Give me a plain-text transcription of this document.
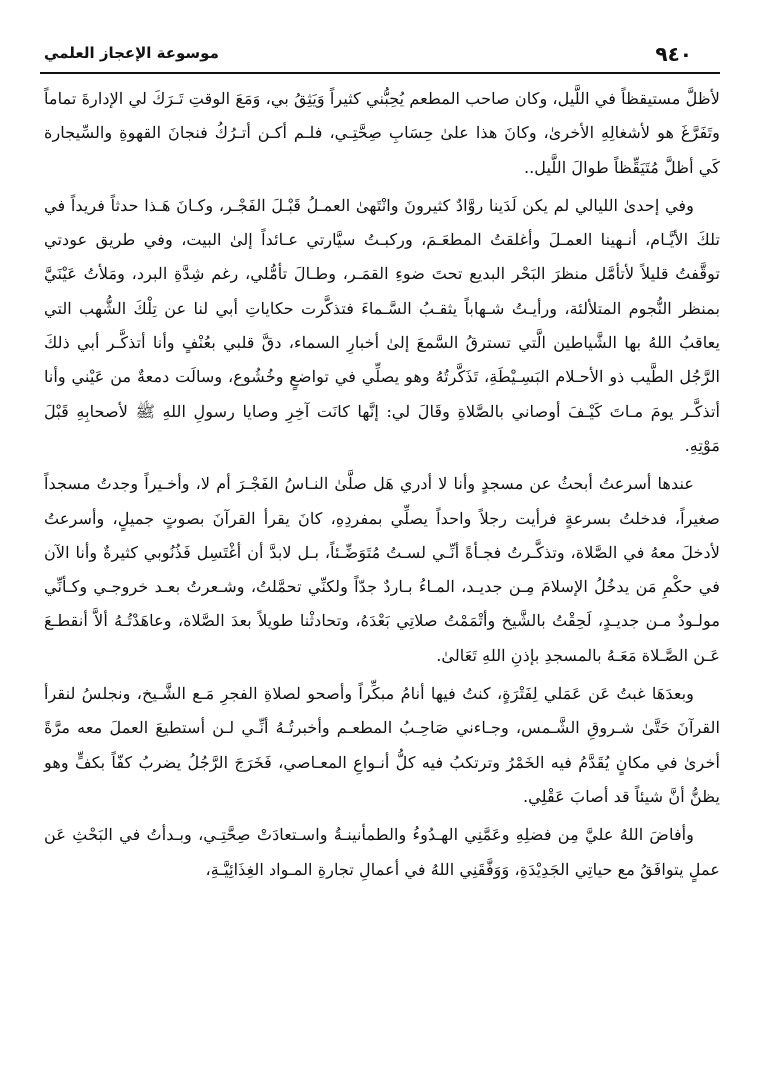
٩٤٠
موسوعة الإعجاز العلمي

لأظلَّ مستيقظاً في اللَّيل، وكان صاحب المطعم يُحِبُّني كثيراً وَيَثِقُ بي، وَمَعَ الوقتِ تَـرَكَ لي الإدارةَ تماماً وتَفَرَّغَ هو لأشغالِهِ الأخرىٰ، وكانَ هذا علىٰ حِسَابِ صِحَّتِـي، فلـم أكـن أتـرُكُ فنجانَ القهوةِ والسِّيجارة كَي أظلَّ مُتَيَقِّظاً طوالَ اللَّيل..

وفي إحدىٰ الليالي لم يكن لَدَينا روَّادٌ كثيرونَ وانْتَهىٰ العمـلُ قَبْـلَ الفَجْـر، وكـانَ هَـذا حدثاً فريداً في تلكَ الأيَّـام، أنـهينا العمـلَ وأغلقتُ المطعَـمَ، وركبـتُ سيَّارتي عـائداً إلىٰ البيت، وفي طريق عودتي توقَّفتُ قليلاً لأتأمَّل منظرَ البَحْر البديع تحتَ ضوءِ القمَـر، وطـالَ تأمُّلي، رغم شِدَّةِ البرد، ومَلأتُ عَيْنَيَّ بمنظر النُّجوم المتلألئة، ورأيـتُ شـهاباً يثقـبُ السَّـماءَ فتذكَّرت حكاياتِ أبي لنا عن تِلْكَ الشُّهب التي يعاقبُ اللهُ بها الشَّياطين الَّتي تسترقُ السَّمعَ إلىٰ أخبارِ السماء، دقَّ قلبي بعُنْفٍ وأنا أتذكَّـر أبي ذلكَ الرَّجُل الطَّيب ذو الأحـلام البَسِـيْطَةِ، تَذَكَّرتُهُ وهو يصلِّي في تواضعٍ وخُشُوع، وسالَت دمعةٌ من عَيْني وأنا أتذكَّـر يومَ مـاتَ كَيْـفَ أوصاني بالصَّلاةِ وقَالَ لي: إنَّها كانَت آخِرِ وصايا رسولِ اللهِ ﷺ لأصحابِهِ قَبْلَ مَوْتِهِ.

عندها أسرعتُ أبحثُ عن مسجدٍ وأنا لا أدري هَل صلَّىٰ النـاسُ الفَجْـرَ أم لا، وأخـيراً وجدتُ مسجداً صغيراً، فدخلتُ بسرعةٍ فرأيت رجلاً واحداً يصلِّي بمفردِهِ، كانَ يقرأ القرآنَ بصوتٍ جميلٍ، وأسرعتُ لأدخلَ معهُ في الصَّلاة، وتذكَّـرتُ فجـأةً أنِّـي لسـتُ مُتَوَضِّـئاً، بـل لابدَّ أن أغْتَسِل فَذُنُوبي كثيرةٌ وأنا الآن في حكْمِ مَن يدخُلُ الإسلامَ مِـن جديـد، المـاءُ بـاردٌ جدّاً ولكنِّي تحمَّلتُ، وشـعرتُ بعـد خروجـي وكـأنِّي مولـودٌ مـن جديـدٍ، لَحِقْتُ بالشَّيخ وأتْمَمْتُ صلاتِي بَعْدَهُ، وتحادثْنا طويلاً بعدَ الصَّلاة، وعاهَدْتُـهُ ألاَّ أنقطـعَ عَـن الصَّـلاة مَعَـهُ بالمسجدِ بإذنِ اللهِ تَعَالىٰ.

وبعدَهَا غبتُ عَن عَمَلي لِفَتْرَةٍ، كنتُ فيها أنامُ مبكِّراً وأصحو لصلاةِ الفجرِ مَـع الشَّـيخ، ونجلسُ لنقرأ القرآنَ حَتَّىٰ شـروقِ الشَّـمس، وجـاءني صَاحِـبُ المطعـم وأخبرتُـهُ أنِّـي لـن أستطيعَ العملَ معه مرَّةً أخرىٰ في مكانٍ يُقَدَّمُ فيه الخَمْرُ وترتكبُ فيه كلُّ أنـواعِ المعـاصي، فَخَرَجَ الرَّجُلُ يضربُ كفّاً بكفٍّ وهو يظنُّ أنَّ شيئاً قد أصابَ عَقْلِي.

وأفاضَ اللهُ عليَّ مِن فضلِهِ وعَمَّنِي الهـدُوءُ والطمأنينـةُ واسـتعادَتْ صِحَّتِـي، وبـدأتُ في البَحْثِ عَن عملٍ يتوافَقُ مع حياتِي الجَدِيْدَةِ، وَوَفَّقَنِي اللهُ في أعمالِ تجارةِ المـواد الغِذَائِيَّـةِ،
